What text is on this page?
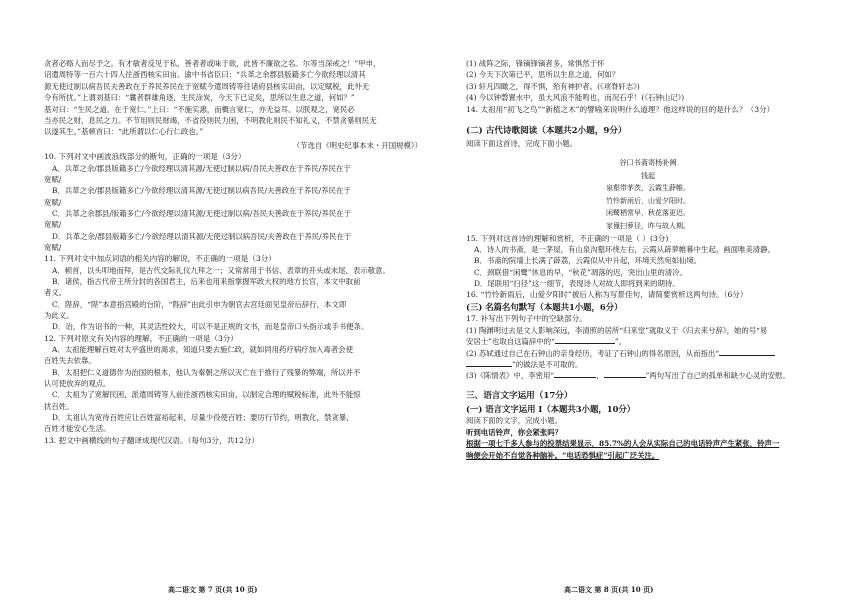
贪者必赂人而尽予之。有才敏者反见于私，善者者或味于欲，此皆不廉欲之名。尔等当深戒之！”甲申，

诏遣周特等一百六十四人往浙西核实田亩。谕中书省臣曰：“兵革之余郡县版籍多亡今欲经理以清其

源无使过制以病吾民夫善政在于养民养民在于宽赋今遣周铸等往诸府县核实田亩，以定赋税，此外无

令有所扰。”上谓刘基曰：“曩者群雄角逐，生民涂炭，今天下已定矣，思所以生息之道，何如？”

基对曰：“生民之道，在于宽仁。”上曰：“不施实惠，而概言宽仁，亦无益耳。以朕观之，宽民必

当亦民之财，息民之力。不节用则民财竭，不省役则民力困，不明教化则民不知礼义，不禁贪暴则民无

以遂其生。”基顿首曰：“此所谓以仁心行仁政也。”

（节选自《明史纪事本末・开国规模》）

10. 下列对文中画波浪线部分的断句，正确的一项是（3分）

A．兵革之余/郡县版籍多亡/今欲经理以清其源/无使过制以病/吾民夫善政在于养民/养民在于

宽赋/

B．兵革之余/郡县版籍多亡/今欲经理以清其源/无使过制以病吾民/夫善政在于养民/养民在于

宽赋/

C．兵革之余郡县/版籍多亡/今欲经理以清其源/无使过制以病/吾民夫善政在于养民/养民在于

宽赋/

D．兵革之余/郡县版籍多亡/今欲经理以清其源/无使过制以病吾民/夫善政在于养民/养民在于

宽赋/

11. 下列对文中加点词语的相关内容的解说，不正确的一项是（3分）

A．顿首，以头叩地而拜，是古代交际礼仪九拜之一；又常常用于书信、表章的开头或末尾，表示敬意。

B．诸侯，指古代帝王所分封的各国君主，后来也用来指掌握军政大权的地方长官，本文中取前

者义。

C．陛辞，“陛”本意指宫殿的台阶，“陛辞”由此引申为朝官去宫廷面见皇帝后辞行，本文即

为此义。

D．诒，作为诏书的一种，其灵活性较大，可以不是正规的文书，而是皇帝口头指示或手书便条。

12. 下列对原文有关内容的理解，不正确的一项是（3分）

A．太祖能理解百姓对太平盛世的渴求，知道只要去施仁政，就如同用药疗病疗加入毒者会使

百姓失去依靠。

B．太祖把仁义道德作为治国的根本，他认为秦朝之所以灭亡在于推行了残暴的弊端，所以并不

认可使放弃的观点。

C．太祖为了宽解民困，派遣周铸等人前往浙西核实田亩，以制定合理的赋税标准，此外不能惊

扰百姓。

D．太祖认为宽待百姓应让百姓富裕起来，尽量少役使百姓；要厉行节约，明教化，禁贪暴，

百姓才能安心生活。

13. 把文中画横线的句子翻译成现代汉语。（每句3分，共12分）

高二语文 第 7 页(共 10 页)

(1) 战阵之际，锋镝锋镝者多，常惧然于怀

(2) 今天下次第已平，思所以生息之道，何如？

(3) 轩凡四瞰之，得不惧，殆有神护者。(《项脊轩志》)

(4) 今以钟磬置水中，虽大风浪不能鸣也，而况石乎！(《石钟山记》)

14. 太祖用“初飞之鸟”“新植之木”的譬喻来说明什么道理？他这样说的目的是什么？（3分）

(二) 古代诗歌阅读（本题共2小题，9分）

阅读下面这首诗，完成下面小题。

谷口书斋寄杨补阙

钱起

泉壑带茅茨，云霞生薜帷。

竹怜新雨后，山爱夕阳时。

闲鹭栖常早，秋花落更迟。

家僮扫萝径，昨与故人期。

15. 下列对这首诗的理解和赏析，不正确的一项是（ ）(3分)

A．诗人的书斋，是一茅屋，有山泉沟壑环绕左右，云霞从薜萝帷幕中生起，画面唯美清静。

B．书斋的院墙上长满了薜荔，云霞似从中升起，环境天然宛如仙境。

C．颈联借“闲鹭”休息的早，“秋花”凋落的迟，突出山里的清冷。

D．尾联用“扫径”这一细节，表现诗人对故人即将到来的期待。

16. “竹怜新雨后，山爱夕阳时”被后人称为写景佳句，请简要赏析这两句诗。（6分）

(三) 名篇名句默写（本题共1小题，6分）

17. 补写出下列句子中的空缺部分。

(1) 陶渊明过去是文人影响深远，李清照的居所“归来堂”就取义于《归去来兮辞》，她的号“易

安居士”也取自这篇辞中的“	”。

(2) 苏轼通过自己在石钟山的亲身经历，考证了石钟山的得名原因，从而指出“

”的做法是不可取的。

(3)《陈情表》中，李密用“	，	”两句写出了自己的孤单和缺少心灵的安慰。

三、语言文字运用（17分）

(一) 语言文字运用 Ⅰ（本题共3小题，10分）

阅读下面的文字，完成小题。

听到电话铃声，你会紧张吗？

根据一项七千多人参与的投票结果显示，85.7%的人会从实际自己的电话铃声产生紧张，铃声一

响便会开始不自觉各种脑补。“电话恐惧症”引起广泛关注。

高二语文 第 8 页(共 10 页)
